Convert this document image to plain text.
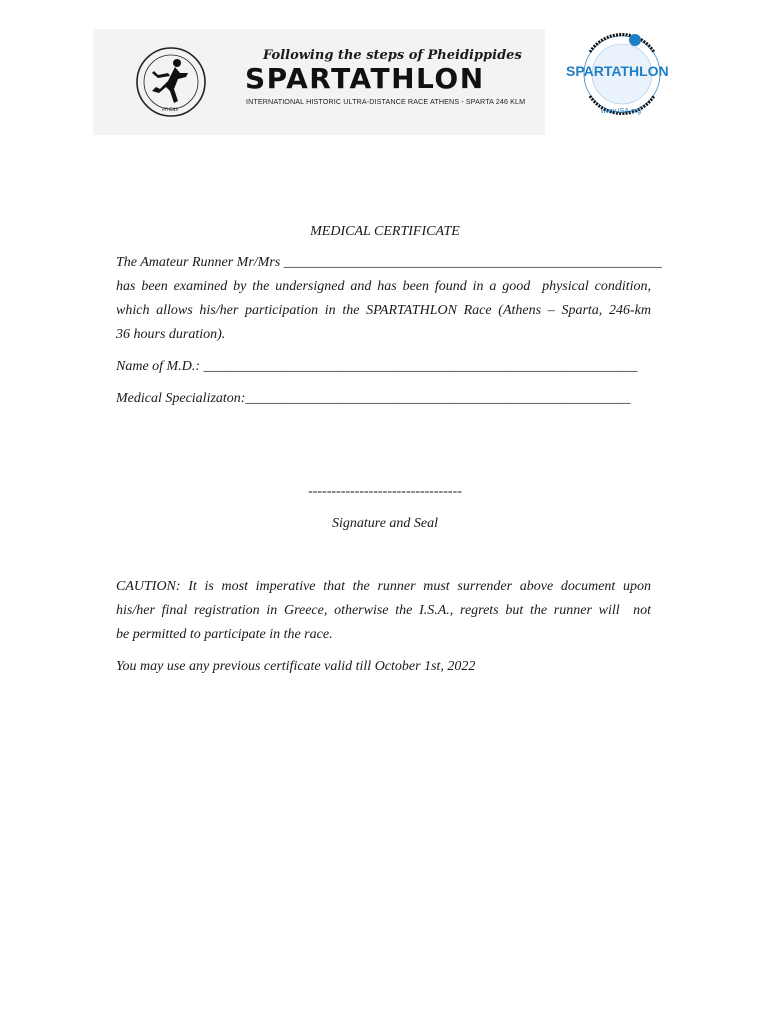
ATHENS
Following the steps of Pheidippides
SPARTATHLON
INTERNATIONAL HISTORIC ULTRA-DISTANCE RACE ATHENS - SPARTA 246 KLM
SPARTATHLON
www.ISA.org
MEDICAL CERTIFICATE
The Amateur Runner Mr/Mrs ______________________________________________________
has been examined by the undersigned and has been found in a good  physical condition,
which allows his/her participation in the SPARTATHLON Race (Athens – Sparta, 246-km
36 hours duration).
Name of M.D.: ______________________________________________________________
Medical Specializaton:_______________________________________________________
---------------------------------
Signature and Seal
CAUTION: It is most imperative that the runner must surrender above document upon
his/her final registration in Greece, otherwise the I.S.A., regrets but the runner will  not
be permitted to participate in the race.
You may use any previous certificate valid till October 1st, 2022
